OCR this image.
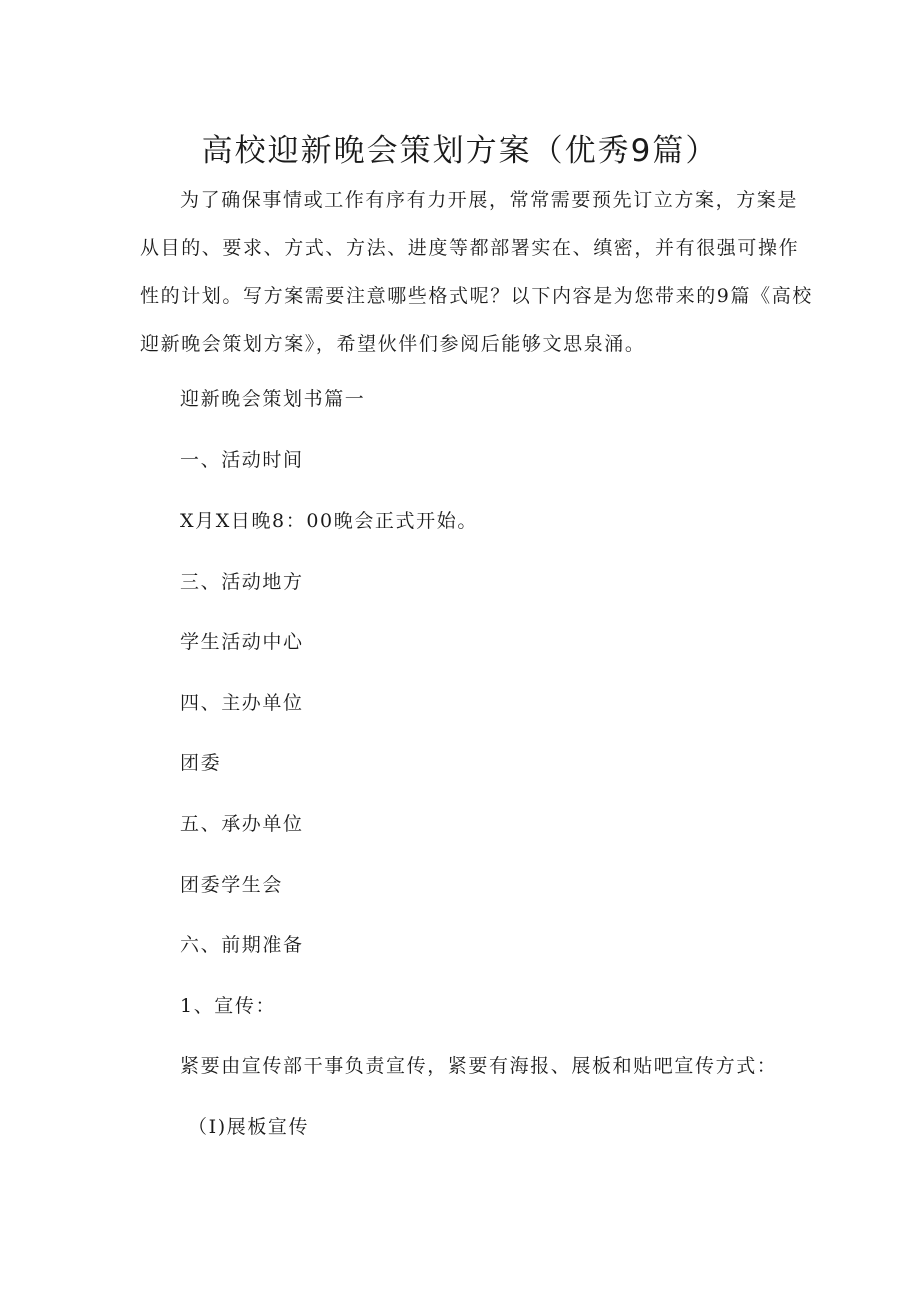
高校迎新晚会策划方案（优秀9篇）

为了确保事情或工作有序有力开展，常常需要预先订立方案，方案是
从目的、要求、方式、方法、进度等都部署实在、缜密，并有很强可操作
性的计划。写方案需要注意哪些格式呢？以下内容是为您带来的9篇《高校
迎新晚会策划方案》，希望伙伴们参阅后能够文思泉涌。

迎新晚会策划书篇一

一、活动时间

X月X日晚8：00晚会正式开始。

三、活动地方

学生活动中心

四、主办单位

团委

五、承办单位

团委学生会

六、前期准备

1、宣传：

紧要由宣传部干事负责宣传，紧要有海报、展板和贴吧宣传方式：

（I)展板宣传
